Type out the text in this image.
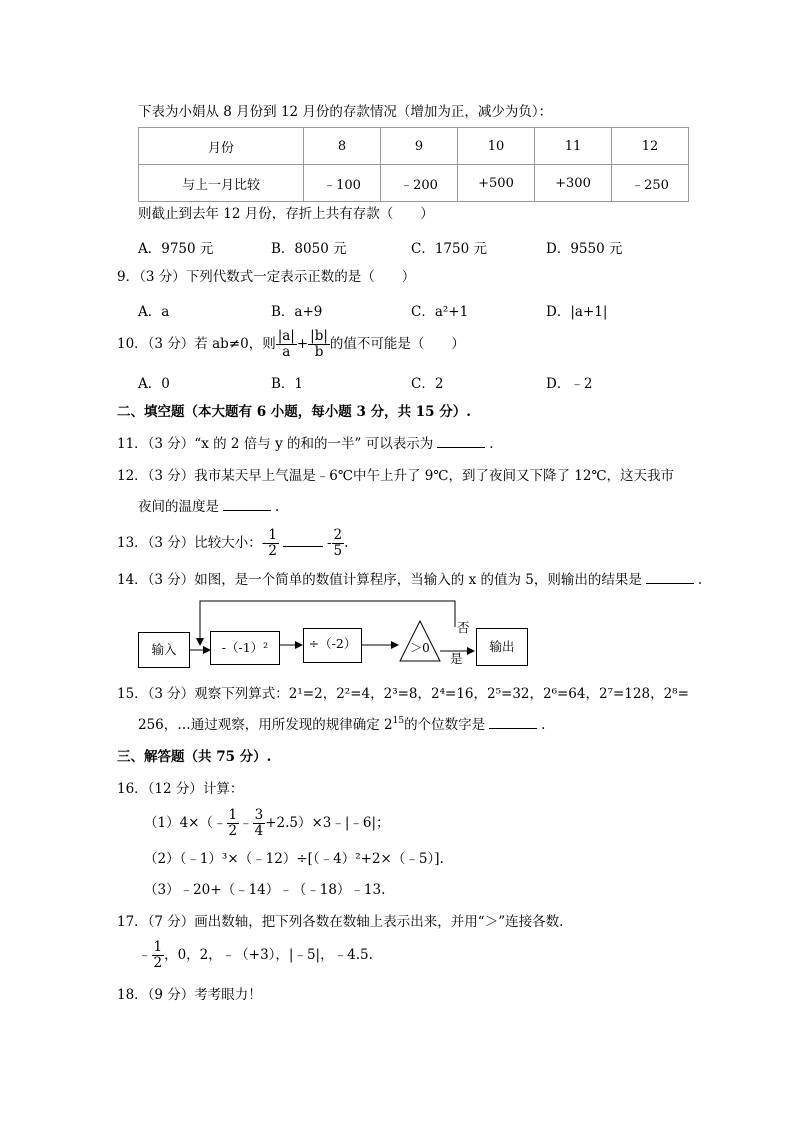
下表为小娟从 8 月份到 12 月份的存款情况（增加为正，减少为负）：
月份	8	9	10	11	12
与上一月比较	﹣100	﹣200	+500	+300	﹣250
则截止到去年 12 月份，存折上共有存款（　　）
A．9750 元	B．8050 元	C．1750 元	D．9550 元
9．（3 分）下列代数式一定表示正数的是（　　）
A．a	B．a+9	C．a²+1	D．|a+1|
10．（3 分）若 ab≠0，则 $\frac{|a|}{a} + \frac{|b|}{b}$ 的值不可能是（　　）
A．0	B．1	C．2	D．﹣2
二、填空题（本大题有 6 小题，每小题 3 分，共 15 分）.
11．（3 分）“x 的 2 倍与 y 的和的一半” 可以表示为	.
12．（3 分）我市某天早上气温是﹣6℃中午上升了 9℃，到了夜间又下降了 12℃，这天我市
夜间的温度是	.
13．（3 分）比较大小：- $\frac{1}{2}$	- $\frac{2}{5}$ .
14．（3 分）如图，是一个简单的数值计算程序，当输入的 x 的值为 5，则输出的结果是	.
输入	-（-1）²	÷（-2）	＞0
否
是
输出
15．（3 分）观察下列算式：2¹=2，2²=4，2³=8，2⁴=16，2⁵=32，2⁶=64，2⁷=128，2⁸=
256，…通过观察，用所发现的规律确定 $2^{15}$的个位数字是	.
三、解答题（共 75 分）.
16．（12 分）计算：
（1）4×（﹣ $\frac{1}{2}$ ﹣ $\frac{3}{4}$ +2.5）×3﹣|﹣6|；
（2）（﹣1）³×（﹣12）÷[（﹣4）²+2×（﹣5）].
（3）﹣20+（﹣14）﹣（﹣18）﹣13.
17．（7 分）画出数轴，把下列各数在数轴上表示出来，并用“＞”连接各数.
﹣ $\frac{1}{2}$ ，0，2，﹣（+3），|﹣5|，﹣4.5.
18．（9 分）考考眼力！
